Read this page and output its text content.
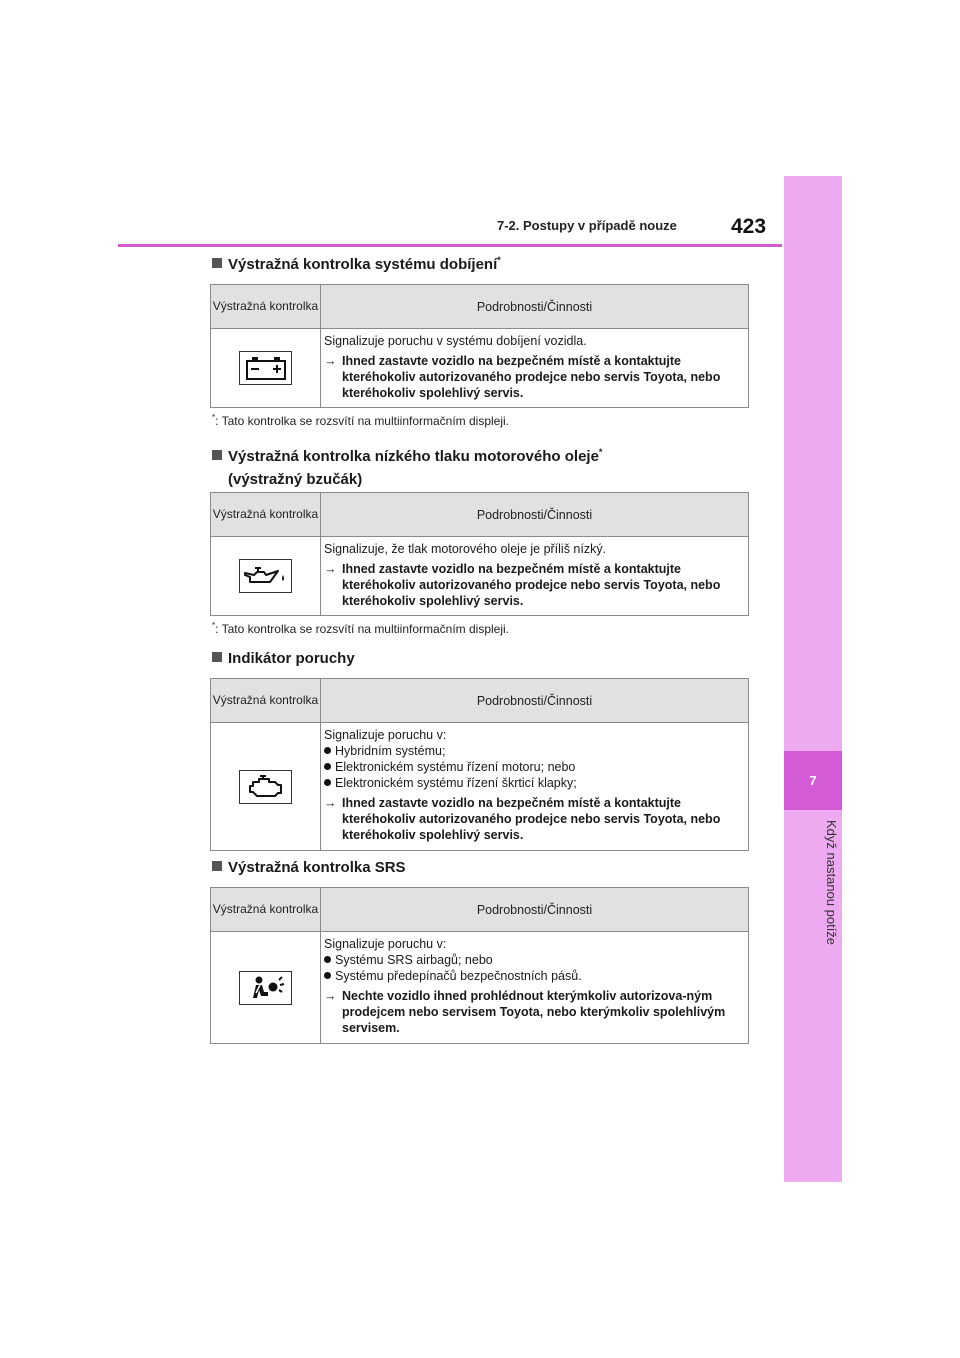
7
Když nastanou potíže
7-2. Postupy v případě nouze	423
Výstražná kontrolka systému dobíjení*
Výstražná kontrolka	Podrobnosti/Činnosti
Signalizuje poruchu v systému dobíjení vozidla.
→ Ihned zastavte vozidlo na bezpečném místě a kontaktujte kteréhokoliv autorizovaného prodejce nebo servis Toyota, nebo kteréhokoliv spolehlivý servis.
*: Tato kontrolka se rozsvítí na multiinformačním displeji.
Výstražná kontrolka nízkého tlaku motorového oleje*
(výstražný bzučák)
Výstražná kontrolka	Podrobnosti/Činnosti
Signalizuje, že tlak motorového oleje je příliš nízký.
→ Ihned zastavte vozidlo na bezpečném místě a kontaktujte kteréhokoliv autorizovaného prodejce nebo servis Toyota, nebo kteréhokoliv spolehlivý servis.
*: Tato kontrolka se rozsvítí na multiinformačním displeji.
Indikátor poruchy
Výstražná kontrolka	Podrobnosti/Činnosti
Signalizuje poruchu v:
Hybridním systému;
Elektronickém systému řízení motoru; nebo
Elektronickém systému řízení škrticí klapky;
→ Ihned zastavte vozidlo na bezpečném místě a kontaktujte kteréhokoliv autorizovaného prodejce nebo servis Toyota, nebo kteréhokoliv spolehlivý servis.
Výstražná kontrolka SRS
Výstražná kontrolka	Podrobnosti/Činnosti
Signalizuje poruchu v:
Systému SRS airbagů; nebo
Systému předepínačů bezpečnostních pásů.
→ Nechte vozidlo ihned prohlédnout kterýmkoliv autorizova-ným prodejcem nebo servisem Toyota, nebo kterýmkoliv spolehlivým servisem.
